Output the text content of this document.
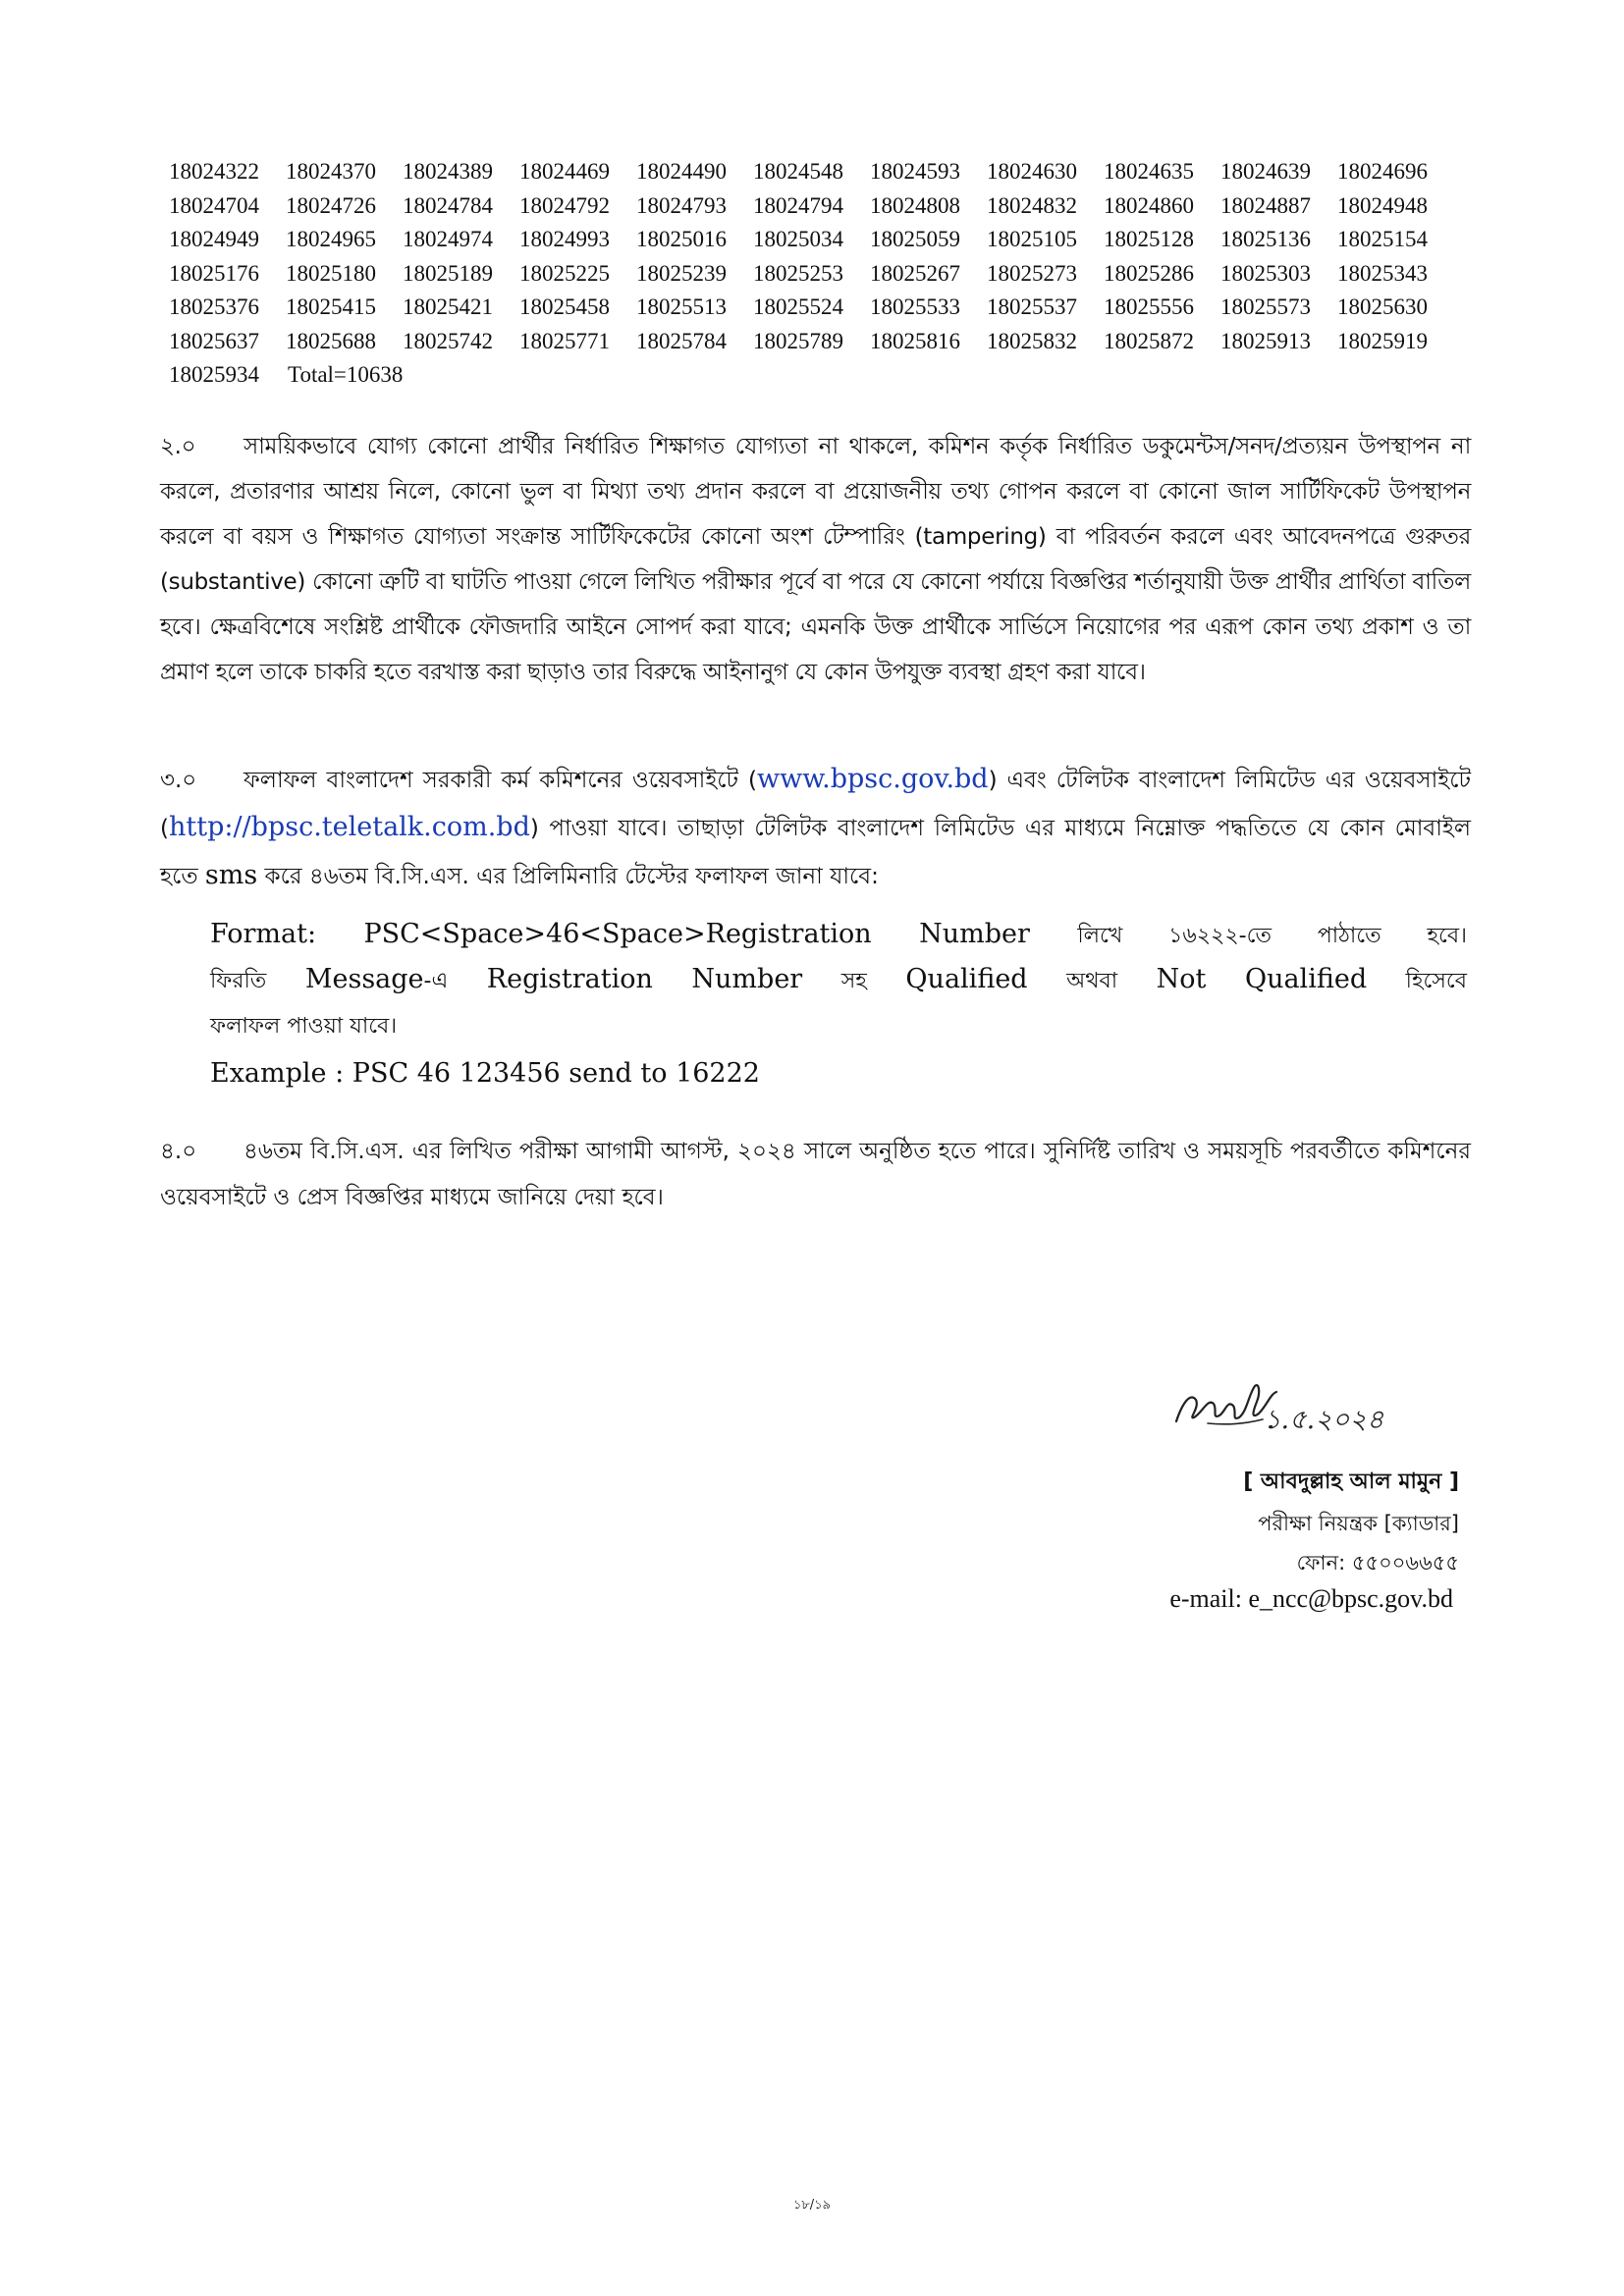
18024322 18024370 18024389 18024469 18024490 18024548 18024593 18024630 18024635 18024639 18024696
18024704 18024726 18024784 18024792 18024793 18024794 18024808 18024832 18024860 18024887 18024948
18024949 18024965 18024974 18024993 18025016 18025034 18025059 18025105 18025128 18025136 18025154
18025176 18025180 18025189 18025225 18025239 18025253 18025267 18025273 18025286 18025303 18025343
18025376 18025415 18025421 18025458 18025513 18025524 18025533 18025537 18025556 18025573 18025630
18025637 18025688 18025742 18025771 18025784 18025789 18025816 18025832 18025872 18025913 18025919
18025934 Total=10638
২.০ সাময়িকভাবে যোগ্য কোনো প্রার্থীর নির্ধারিত শিক্ষাগত যোগ্যতা না থাকলে, কমিশন কর্তৃক নির্ধারিত ডকুমেন্টস/সনদ/প্রত্যয়ন উপস্থাপন না করলে, প্রতারণার আশ্রয় নিলে, কোনো ভুল বা মিথ্যা তথ্য প্রদান করলে বা প্রয়োজনীয় তথ্য গোপন করলে বা কোনো জাল সার্টিফিকেট উপস্থাপন করলে বা বয়স ও শিক্ষাগত যোগ্যতা সংক্রান্ত সার্টিফিকেটের কোনো অংশ টেম্পারিং (tampering) বা পরিবর্তন করলে এবং আবেদনপত্রে গুরুতর (substantive) কোনো ত্রুটি বা ঘাটতি পাওয়া গেলে লিখিত পরীক্ষার পূর্বে বা পরে যে কোনো পর্যায়ে বিজ্ঞপ্তির শর্তানুযায়ী উক্ত প্রার্থীর প্রার্থিতা বাতিল হবে। ক্ষেত্রবিশেষে সংশ্লিষ্ট প্রার্থীকে ফৌজদারি আইনে সোপর্দ করা যাবে; এমনকি উক্ত প্রার্থীকে সার্ভিসে নিয়োগের পর এরূপ কোন তথ্য প্রকাশ ও তা প্রমাণ হলে তাকে চাকরি হতে বরখাস্ত করা ছাড়াও তার বিরুদ্ধে আইনানুগ যে কোন উপযুক্ত ব্যবস্থা গ্রহণ করা যাবে।
৩.০ ফলাফল বাংলাদেশ সরকারী কর্ম কমিশনের ওয়েবসাইটে (www.bpsc.gov.bd) এবং টেলিটক বাংলাদেশ লিমিটেড এর ওয়েবসাইটে (http://bpsc.teletalk.com.bd) পাওয়া যাবে। তাছাড়া টেলিটক বাংলাদেশ লিমিটেড এর মাধ্যমে নিম্নোক্ত পদ্ধতিতে যে কোন মোবাইল হতে sms করে ৪৬তম বি.সি.এস. এর প্রিলিমিনারি টেস্টের ফলাফল জানা যাবে:
Format: PSC<Space>46<Space>Registration Number লিখে ১৬২২২-তে পাঠাতে হবে।
ফিরতি Message-এ Registration Number সহ Qualified অথবা Not Qualified হিসেবে
ফলাফল পাওয়া যাবে।
Example : PSC 46 123456 send to 16222
৪.০ ৪৬তম বি.সি.এস. এর লিখিত পরীক্ষা আগামী আগস্ট, ২০২৪ সালে অনুষ্ঠিত হতে পারে। সুনির্দিষ্ট তারিখ ও সময়সূচি পরবর্তীতে কমিশনের ওয়েবসাইটে ও প্রেস বিজ্ঞপ্তির মাধ্যমে জানিয়ে দেয়া হবে।
১.৫.২০২৪
[ আবদুল্লাহ আল মামুন ]
পরীক্ষা নিয়ন্ত্রক [ক্যাডার]
ফোন: ৫৫০০৬৬৫৫
e-mail: e_ncc@bpsc.gov.bd
১৮/১৯
